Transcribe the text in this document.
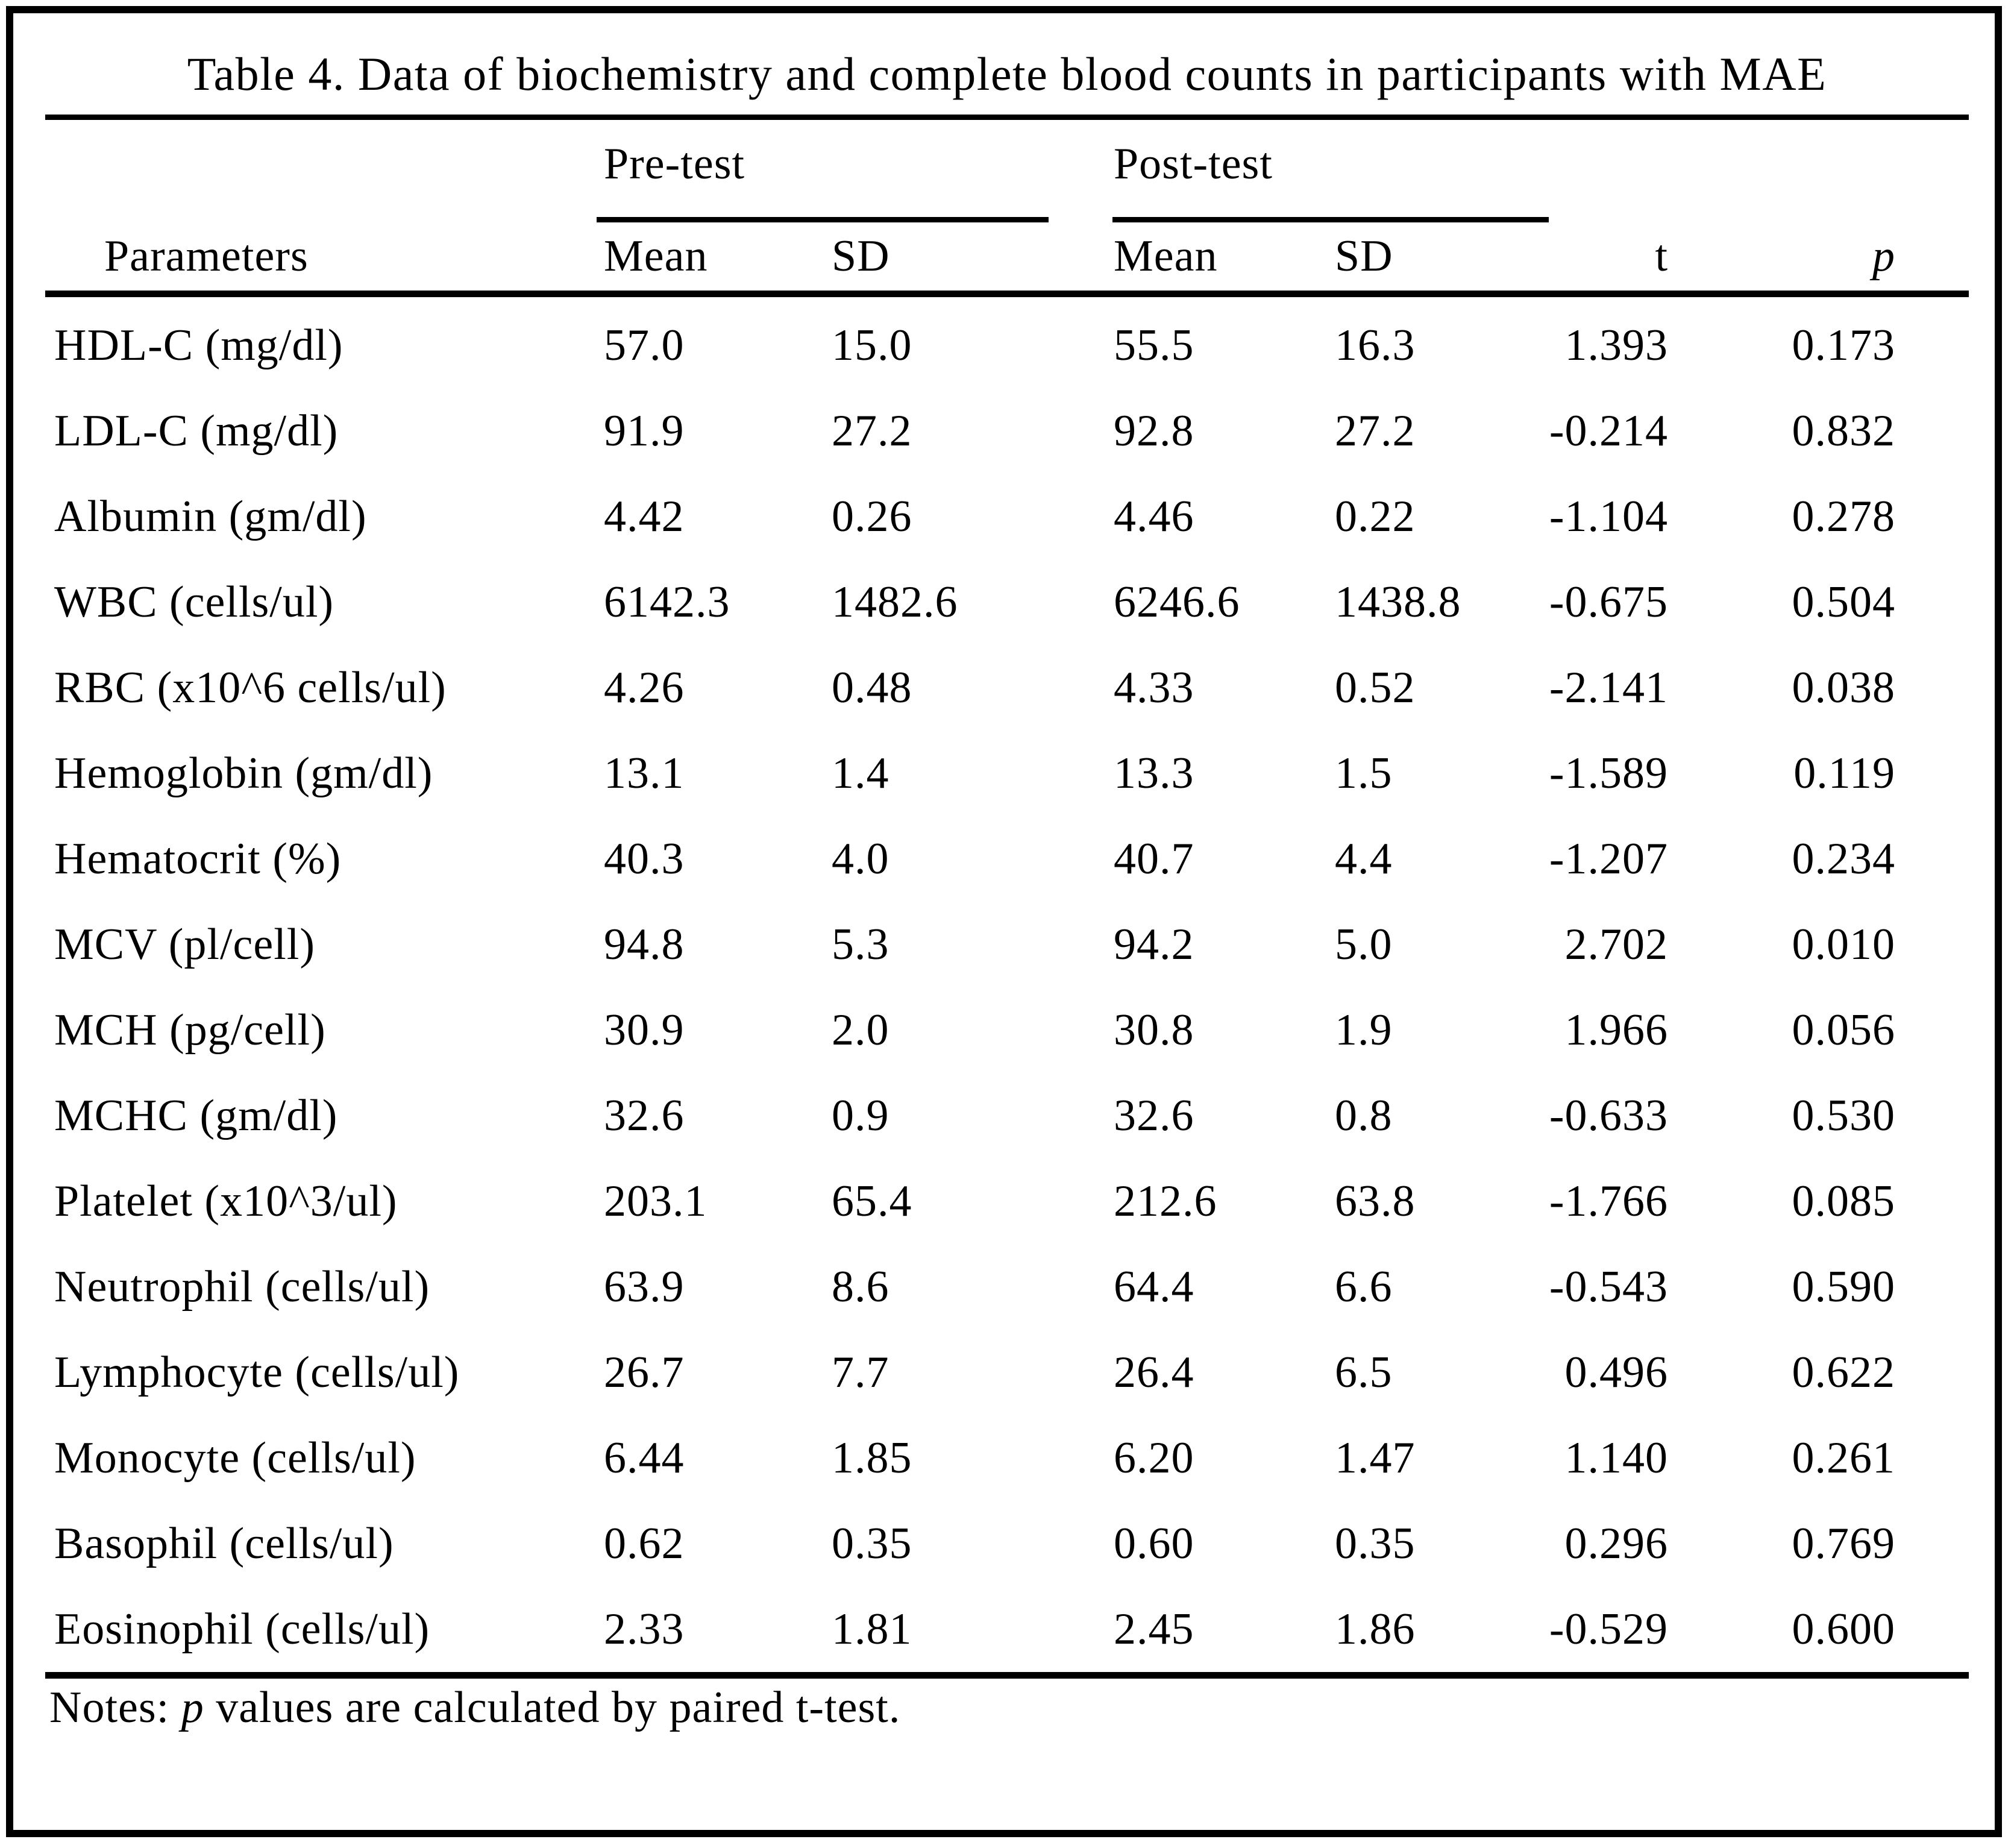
Table 4. Data of biochemistry and complete blood counts in participants with MAE
Pre-test	Post-test
Parameters	Mean	SD	Mean	SD	t	p
HDL-C (mg/dl)	57.0	15.0	55.5	16.3	1.393	0.173
LDL-C (mg/dl)	91.9	27.2	92.8	27.2	-0.214	0.832
Albumin (gm/dl)	4.42	0.26	4.46	0.22	-1.104	0.278
WBC (cells/ul)	6142.3	1482.6	6246.6	1438.8	-0.675	0.504
RBC (x10^6 cells/ul)	4.26	0.48	4.33	0.52	-2.141	0.038
Hemoglobin (gm/dl)	13.1	1.4	13.3	1.5	-1.589	0.119
Hematocrit (%)	40.3	4.0	40.7	4.4	-1.207	0.234
MCV (pl/cell)	94.8	5.3	94.2	5.0	2.702	0.010
MCH (pg/cell)	30.9	2.0	30.8	1.9	1.966	0.056
MCHC (gm/dl)	32.6	0.9	32.6	0.8	-0.633	0.530
Platelet (x10^3/ul)	203.1	65.4	212.6	63.8	-1.766	0.085
Neutrophil (cells/ul)	63.9	8.6	64.4	6.6	-0.543	0.590
Lymphocyte (cells/ul)	26.7	7.7	26.4	6.5	0.496	0.622
Monocyte (cells/ul)	6.44	1.85	6.20	1.47	1.140	0.261
Basophil (cells/ul)	0.62	0.35	0.60	0.35	0.296	0.769
Eosinophil (cells/ul)	2.33	1.81	2.45	1.86	-0.529	0.600
Notes: p values are calculated by paired t-test.
